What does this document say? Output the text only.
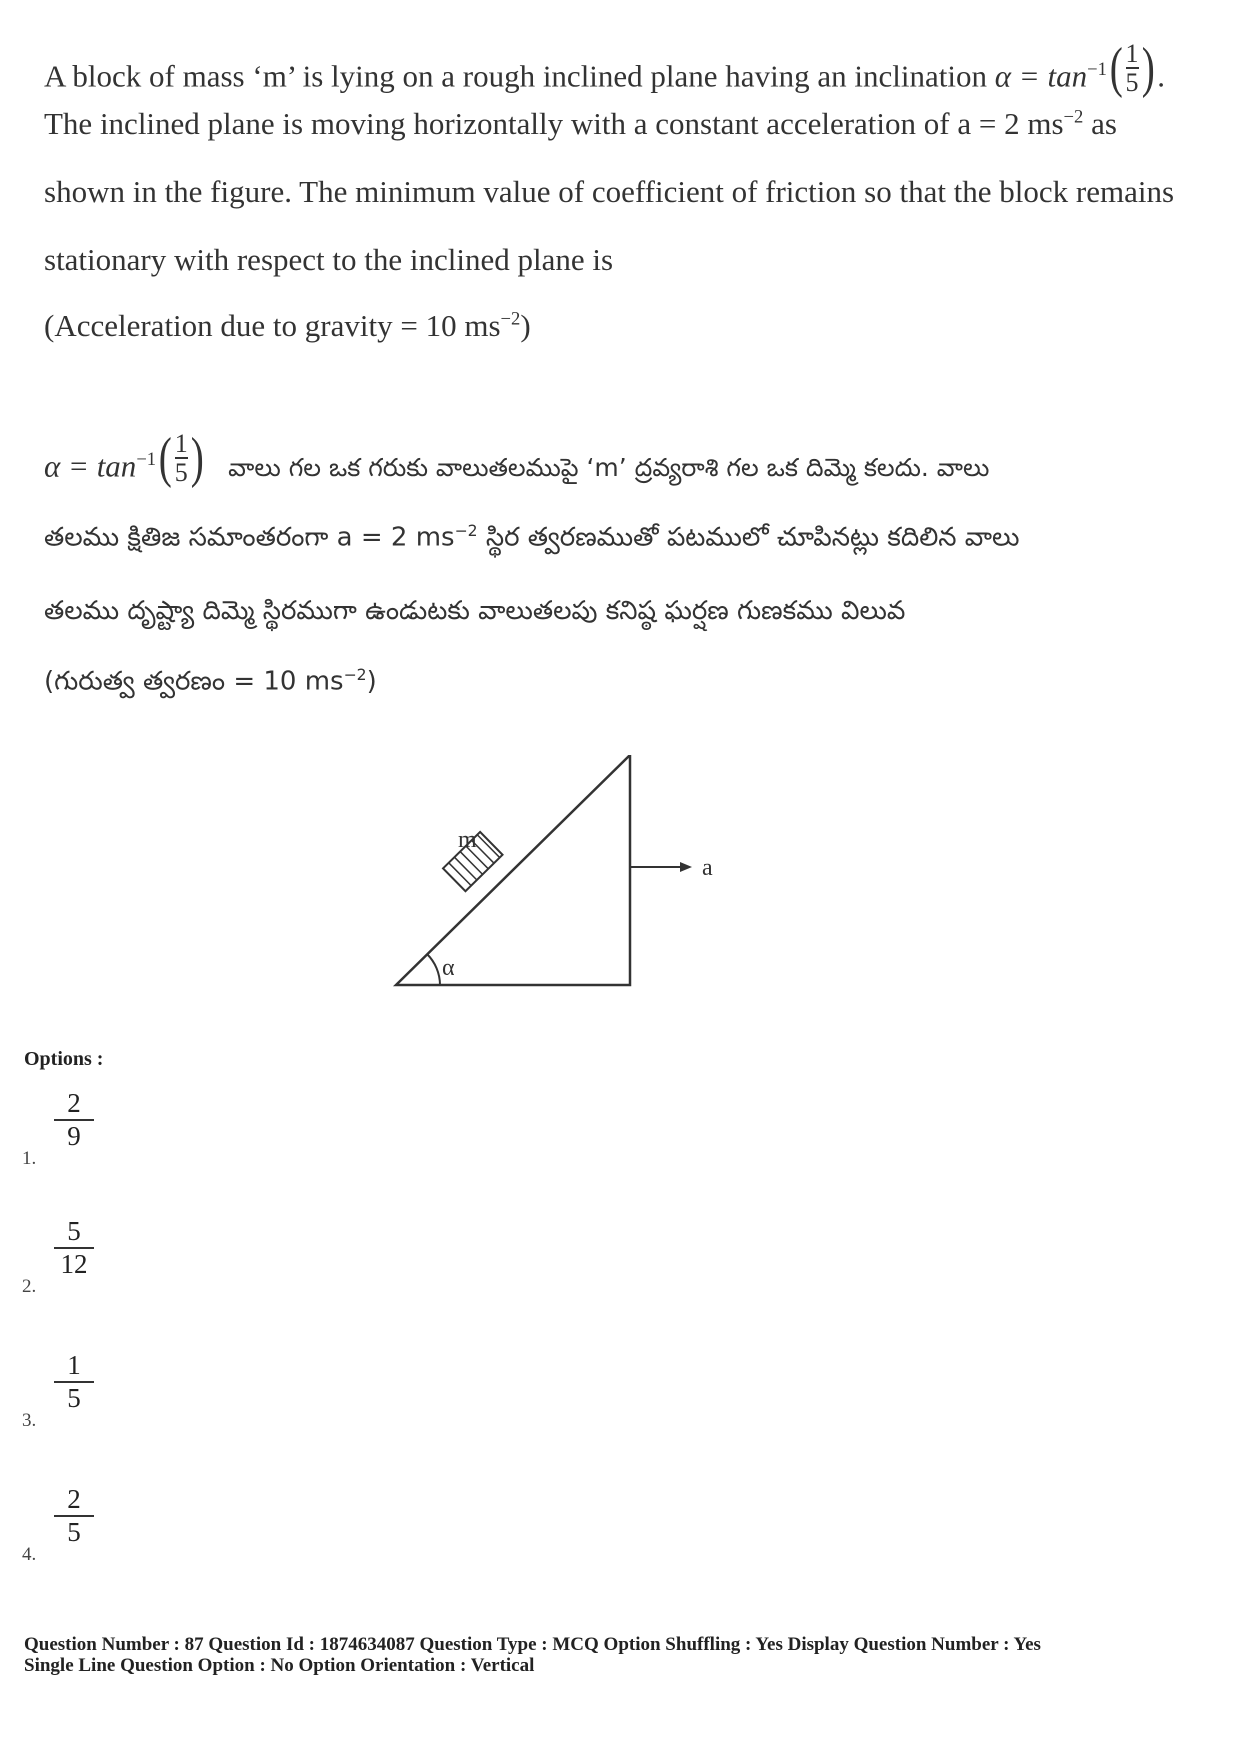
A block of mass ‘m’ is lying on a rough inclined plane having an inclination $\alpha = \tan^{-1}$ ( $\frac{1}{5}$ ) .
The inclined plane is moving horizontally with a constant acceleration of a = 2 $ms^{-2}$ as
shown in the figure. The minimum value of coefficient of friction so that the block remains
stationary with respect to the inclined plane is
(Acceleration due to gravity = 10 $ms^{-2}$)
$\alpha = \tan^{-1}$ ( $\frac{1}{5}$ ) వాలు గల ఒక గరుకు వాలుతలముపై ‘m’ ద్రవ్యరాశి గల ఒక దిమ్మె కలదు. వాలు
తలము క్షితిజ సమాంతరంగా a = 2 $ms^{-2}$ స్థిర త్వరణముతో పటములో చూపినట్లు కదిలిన వాలు
తలము దృష్ట్యా దిమ్మె స్థిరముగా ఉండుటకు వాలుతలపు కనిష్ఠ ఘర్షణ గుణకము విలువ
(గురుత్వ త్వరణం = 10 $ms^{-2}$)
m
α
a
Options :
1.
$\frac{2}{9}$
2.
$\frac{5}{12}$
3.
$\frac{1}{5}$
4.
$\frac{2}{5}$
Question Number : 87 Question Id : 1874634087 Question Type : MCQ Option Shuffling : Yes Display Question Number : Yes
Single Line Question Option : No Option Orientation : Vertical
